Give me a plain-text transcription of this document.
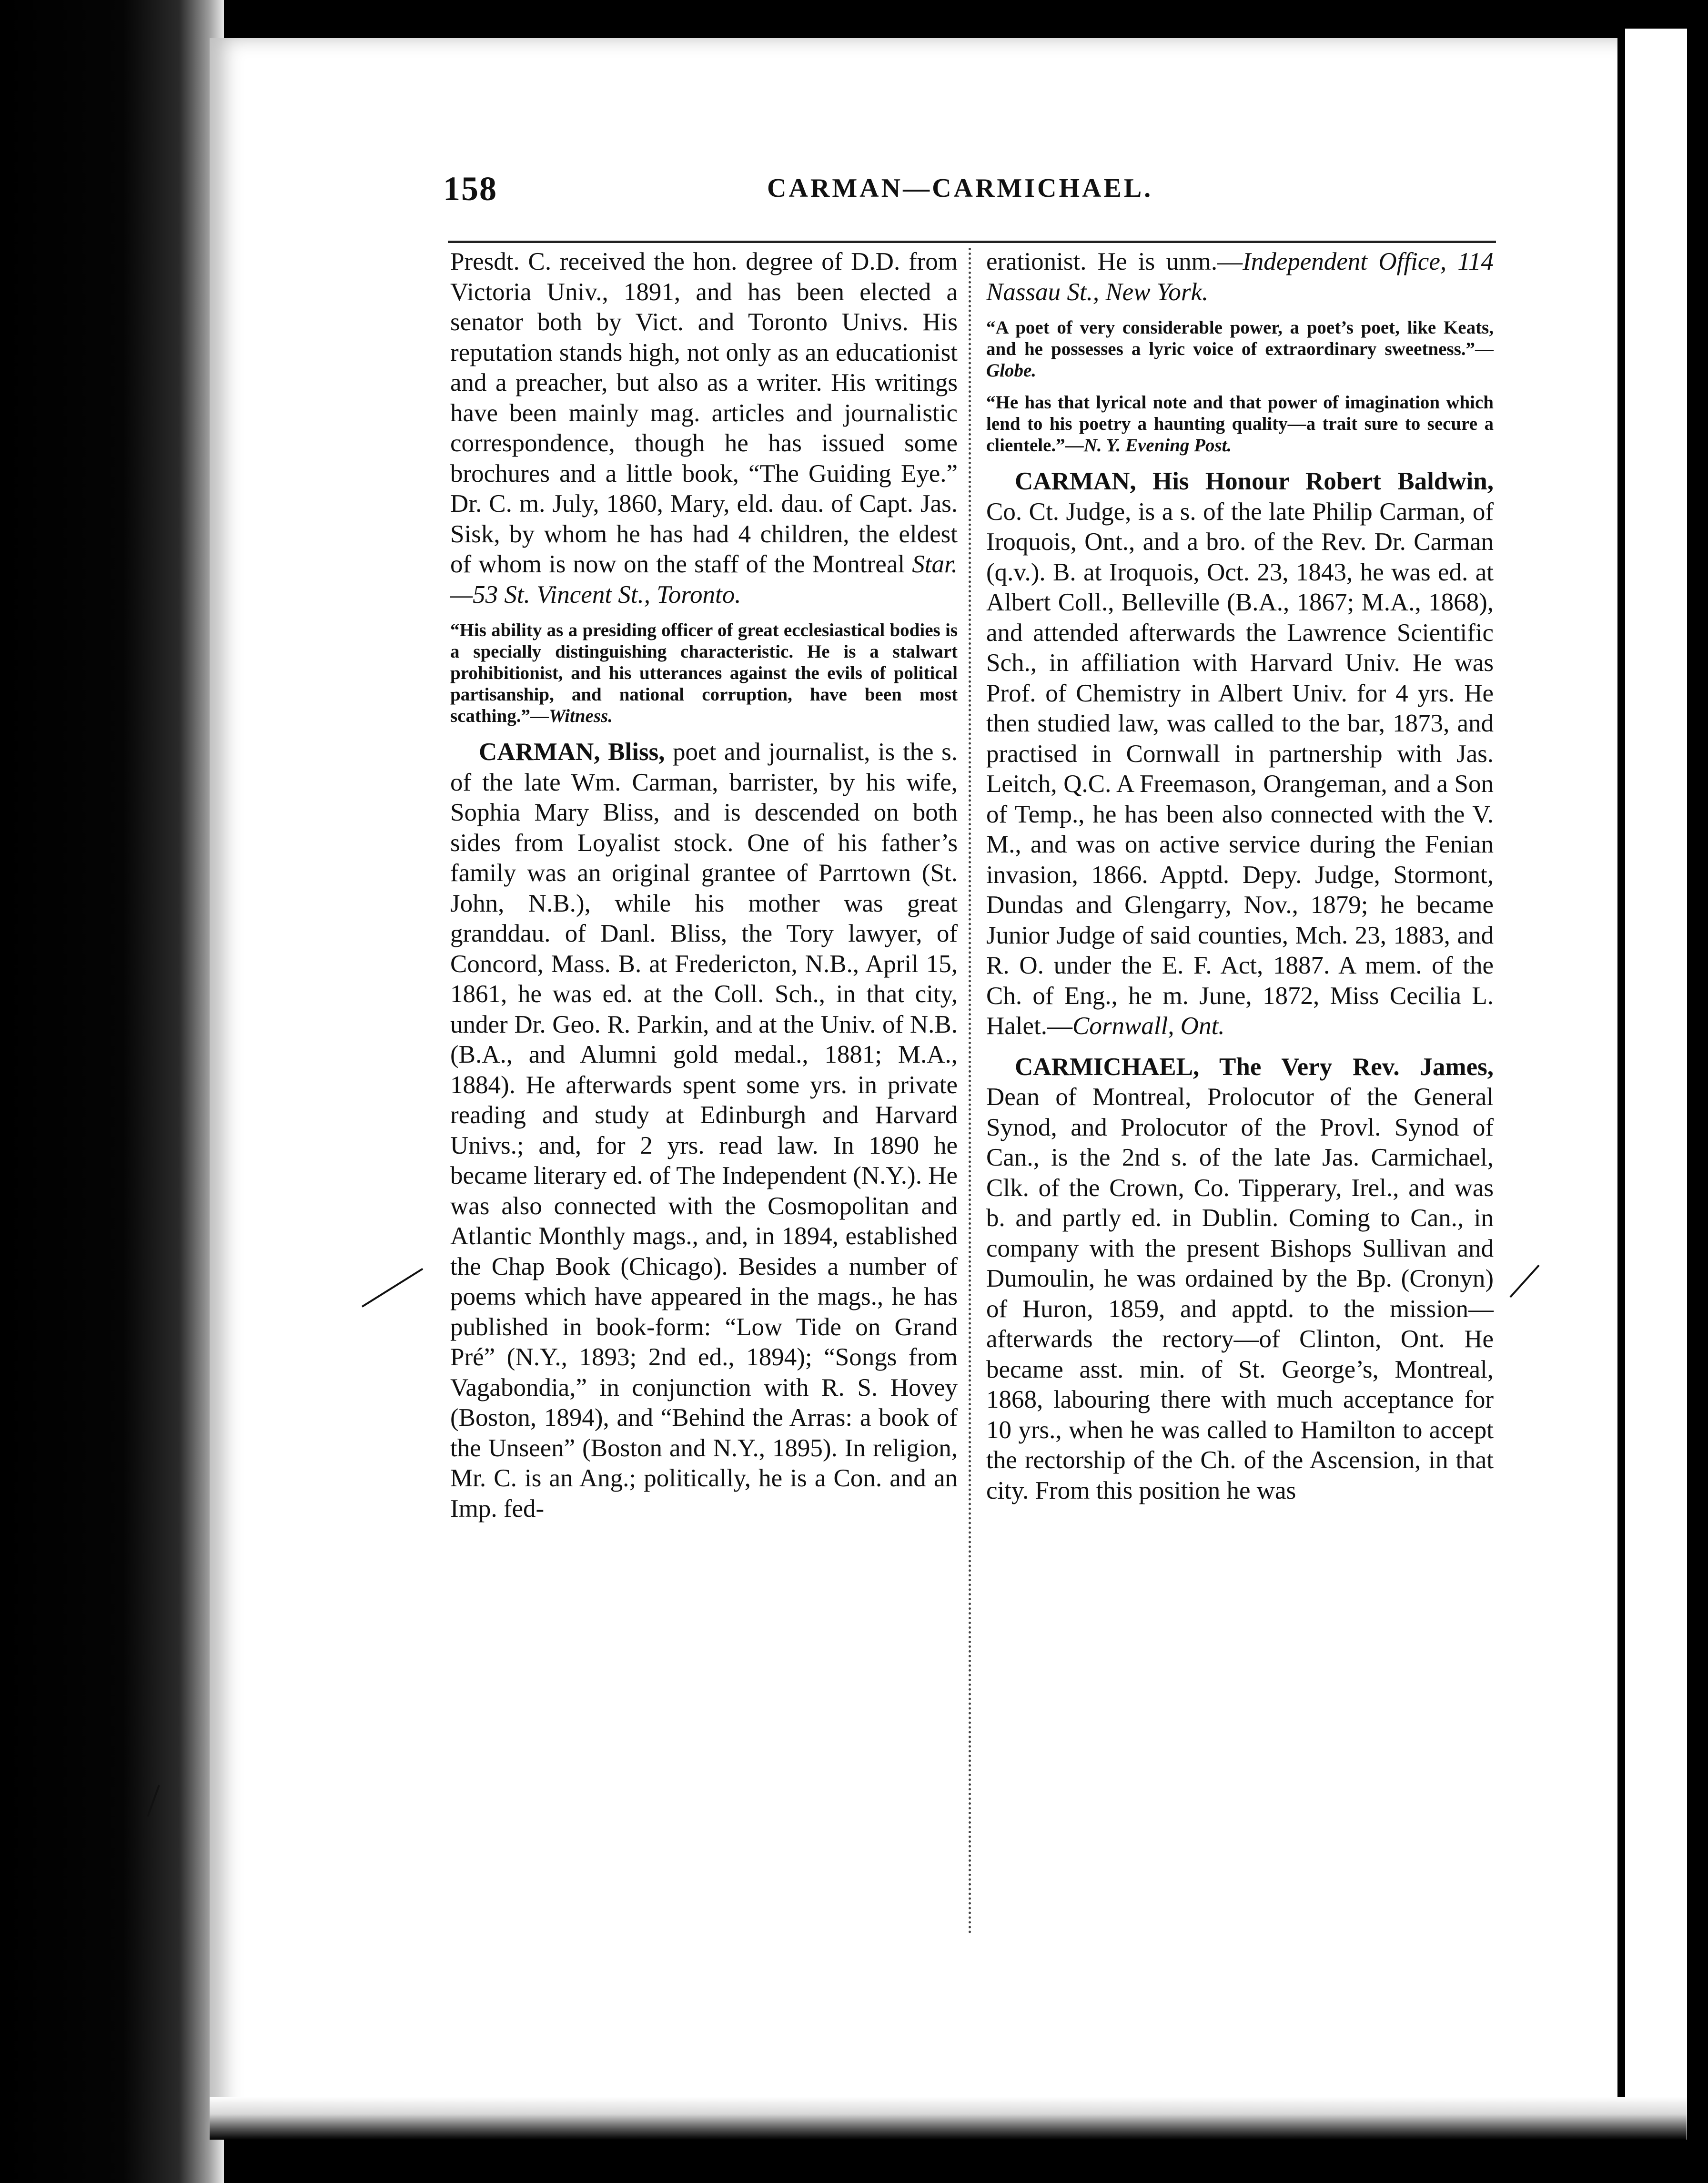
158	CARMAN—CARMICHAEL.

Presdt. C. received the hon. degree of D.D. from Victoria Univ., 1891, and has been elected a senator both by Vict. and Toronto Univs. His reputation stands high, not only as an educationist and a preacher, but also as a writer. His writings have been mainly mag. articles and journalistic correspondence, though he has issued some brochures and a little book, “The Guiding Eye.” Dr. C. m. July, 1860, Mary, eld. dau. of Capt. Jas. Sisk, by whom he has had 4 children, the eldest of whom is now on the staff of the Montreal Star.—53 St. Vincent St., Toronto.

“His ability as a presiding officer of great ecclesiastical bodies is a specially distinguishing characteristic. He is a stalwart prohibitionist, and his utterances against the evils of political partisanship, and national corruption, have been most scathing.”—Witness.

CARMAN, Bliss, poet and journalist, is the s. of the late Wm. Carman, barrister, by his wife, Sophia Mary Bliss, and is descended on both sides from Loyalist stock. One of his father’s family was an original grantee of Parrtown (St. John, N.B.), while his mother was great granddau. of Danl. Bliss, the Tory lawyer, of Concord, Mass. B. at Fredericton, N.B., April 15, 1861, he was ed. at the Coll. Sch., in that city, under Dr. Geo. R. Parkin, and at the Univ. of N.B. (B.A., and Alumni gold medal., 1881; M.A., 1884). He afterwards spent some yrs. in private reading and study at Edinburgh and Harvard Univs.; and, for 2 yrs. read law. In 1890 he became literary ed. of The Independent (N.Y.). He was also connected with the Cosmopolitan and Atlantic Monthly mags., and, in 1894, established the Chap Book (Chicago). Besides a number of poems which have appeared in the mags., he has published in book-form: “Low Tide on Grand Pré” (N.Y., 1893; 2nd ed., 1894); “Songs from Vagabondia,” in conjunction with R. S. Hovey (Boston, 1894), and “Behind the Arras: a book of the Unseen” (Boston and N.Y., 1895). In religion, Mr. C. is an Ang.; politically, he is a Con. and an Imp. fed-

erationist. He is unm.—Independent Office, 114 Nassau St., New York.

“A poet of very considerable power, a poet’s poet, like Keats, and he possesses a lyric voice of extraordinary sweetness.”—Globe.

“He has that lyrical note and that power of imagination which lend to his poetry a haunting quality—a trait sure to secure a clientele.”—N. Y. Evening Post.

CARMAN, His Honour Robert Baldwin, Co. Ct. Judge, is a s. of the late Philip Carman, of Iroquois, Ont., and a bro. of the Rev. Dr. Carman (q.v.). B. at Iroquois, Oct. 23, 1843, he was ed. at Albert Coll., Belleville (B.A., 1867; M.A., 1868), and attended afterwards the Lawrence Scientific Sch., in affiliation with Harvard Univ. He was Prof. of Chemistry in Albert Univ. for 4 yrs. He then studied law, was called to the bar, 1873, and practised in Cornwall in partnership with Jas. Leitch, Q.C. A Freemason, Orangeman, and a Son of Temp., he has been also connected with the V. M., and was on active service during the Fenian invasion, 1866. Apptd. Depy. Judge, Stormont, Dundas and Glengarry, Nov., 1879; he became Junior Judge of said counties, Mch. 23, 1883, and R. O. under the E. F. Act, 1887. A mem. of the Ch. of Eng., he m. June, 1872, Miss Cecilia L. Halet.—Cornwall, Ont.

CARMICHAEL, The Very Rev. James, Dean of Montreal, Prolocutor of the General Synod, and Prolocutor of the Provl. Synod of Can., is the 2nd s. of the late Jas. Carmichael, Clk. of the Crown, Co. Tipperary, Irel., and was b. and partly ed. in Dublin. Coming to Can., in company with the present Bishops Sullivan and Dumoulin, he was ordained by the Bp. (Cronyn) of Huron, 1859, and apptd. to the mission—afterwards the rectory—of Clinton, Ont. He became asst. min. of St. George’s, Montreal, 1868, labouring there with much acceptance for 10 yrs., when he was called to Hamilton to accept the rectorship of the Ch. of the Ascension, in that city. From this position he was
